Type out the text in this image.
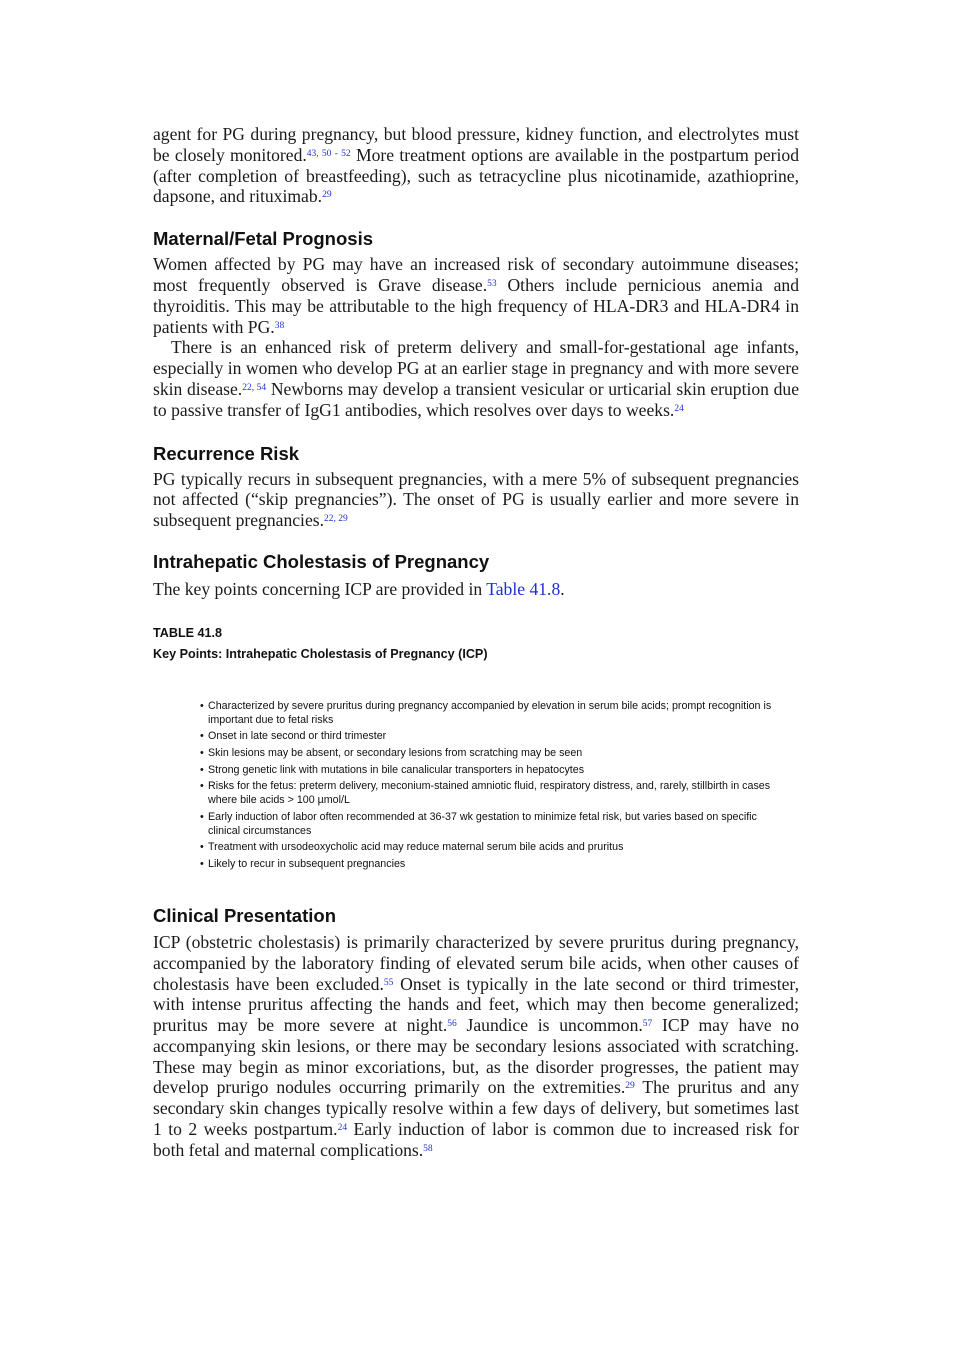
agent for PG during pregnancy, but blood pressure, kidney function, and electrolytes must be closely monitored.$^{43, 50 - 52}$ More treatment options are available in the postpartum period (after completion of breastfeeding), such as tetracycline plus nicotinamide, azathioprine, dapsone, and rituximab.$^{29}$

Maternal/Fetal Prognosis

Women affected by PG may have an increased risk of secondary autoimmune diseases; most frequently observed is Grave disease.$^{53}$ Others include pernicious anemia and thyroiditis. This may be attributable to the high frequency of HLA-DR3 and HLA-DR4 in patients with PG.$^{38}$

There is an enhanced risk of preterm delivery and small-for-gestational age infants, especially in women who develop PG at an earlier stage in pregnancy and with more severe skin disease.$^{22, 54}$ Newborns may develop a transient vesicular or urticarial skin eruption due to passive transfer of IgG1 antibodies, which resolves over days to weeks.$^{24}$

Recurrence Risk

PG typically recurs in subsequent pregnancies, with a mere 5% of subsequent pregnancies not affected (“skip pregnancies”). The onset of PG is usually earlier and more severe in subsequent pregnancies.$^{22, 29}$

Intrahepatic Cholestasis of Pregnancy

The key points concerning ICP are provided in Table 41.8.

TABLE 41.8
Key Points: Intrahepatic Cholestasis of Pregnancy (ICP)
• Characterized by severe pruritus during pregnancy accompanied by elevation in serum bile acids; prompt recognition is important due to fetal risks
• Onset in late second or third trimester
• Skin lesions may be absent, or secondary lesions from scratching may be seen
• Strong genetic link with mutations in bile canalicular transporters in hepatocytes
• Risks for the fetus: preterm delivery, meconium-stained amniotic fluid, respiratory distress, and, rarely, stillbirth in cases where bile acids > 100 µmol/L
• Early induction of labor often recommended at 36-37 wk gestation to minimize fetal risk, but varies based on specific clinical circumstances
• Treatment with ursodeoxycholic acid may reduce maternal serum bile acids and pruritus
• Likely to recur in subsequent pregnancies
Clinical Presentation

ICP (obstetric cholestasis) is primarily characterized by severe pruritus during pregnancy, accompanied by the laboratory finding of elevated serum bile acids, when other causes of cholestasis have been excluded.$^{55}$ Onset is typically in the late second or third trimester, with intense pruritus affecting the hands and feet, which may then become generalized; pruritus may be more severe at night.$^{56}$ Jaundice is uncommon.$^{57}$ ICP may have no accompanying skin lesions, or there may be secondary lesions associated with scratching. These may begin as minor excoriations, but, as the disorder progresses, the patient may develop prurigo nodules occurring primarily on the extremities.$^{29}$ The pruritus and any secondary skin changes typically resolve within a few days of delivery, but sometimes last 1 to 2 weeks postpartum.$^{24}$ Early induction of labor is common due to increased risk for both fetal and maternal complications.$^{58}$
